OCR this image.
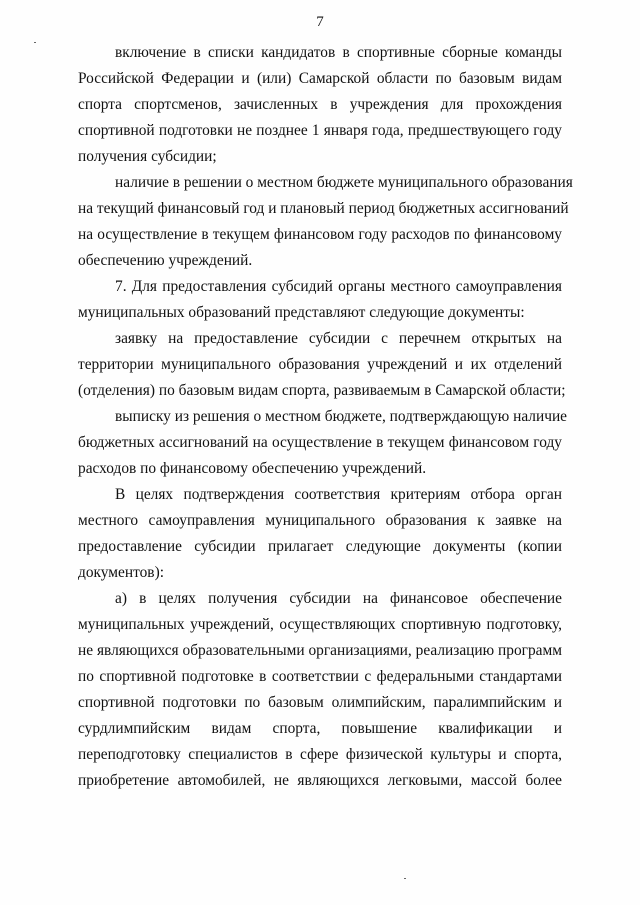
7
включение в списки кандидатов в спортивные сборные команды
Российской Федерации и (или) Самарской области по базовым видам
спорта спортсменов, зачисленных в учреждения для прохождения
спортивной подготовки не позднее 1 января года, предшествующего году
получения субсидии;
наличие в решении о местном бюджете муниципального образования
на текущий финансовый год и плановый период бюджетных ассигнований
на осуществление в текущем финансовом году расходов по финансовому
обеспечению учреждений.
7. Для предоставления субсидий органы местного самоуправления
муниципальных образований представляют следующие документы:
заявку на предоставление субсидии с перечнем открытых на
территории муниципального образования учреждений и их отделений
(отделения) по базовым видам спорта, развиваемым в Самарской области;
выписку из решения о местном бюджете, подтверждающую наличие
бюджетных ассигнований на осуществление в текущем финансовом году
расходов по финансовому обеспечению учреждений.
В целях подтверждения соответствия критериям отбора орган
местного самоуправления муниципального образования к заявке на
предоставление субсидии прилагает следующие документы (копии
документов):
а) в целях получения субсидии на финансовое обеспечение
муниципальных учреждений, осуществляющих спортивную подготовку,
не являющихся образовательными организациями, реализацию программ
по спортивной подготовке в соответствии с федеральными стандартами
спортивной подготовки по базовым олимпийским, паралимпийским и
сурдлимпийским видам спорта, повышение квалификации и
переподготовку специалистов в сфере физической культуры и спорта,
приобретение автомобилей, не являющихся легковыми, массой более
